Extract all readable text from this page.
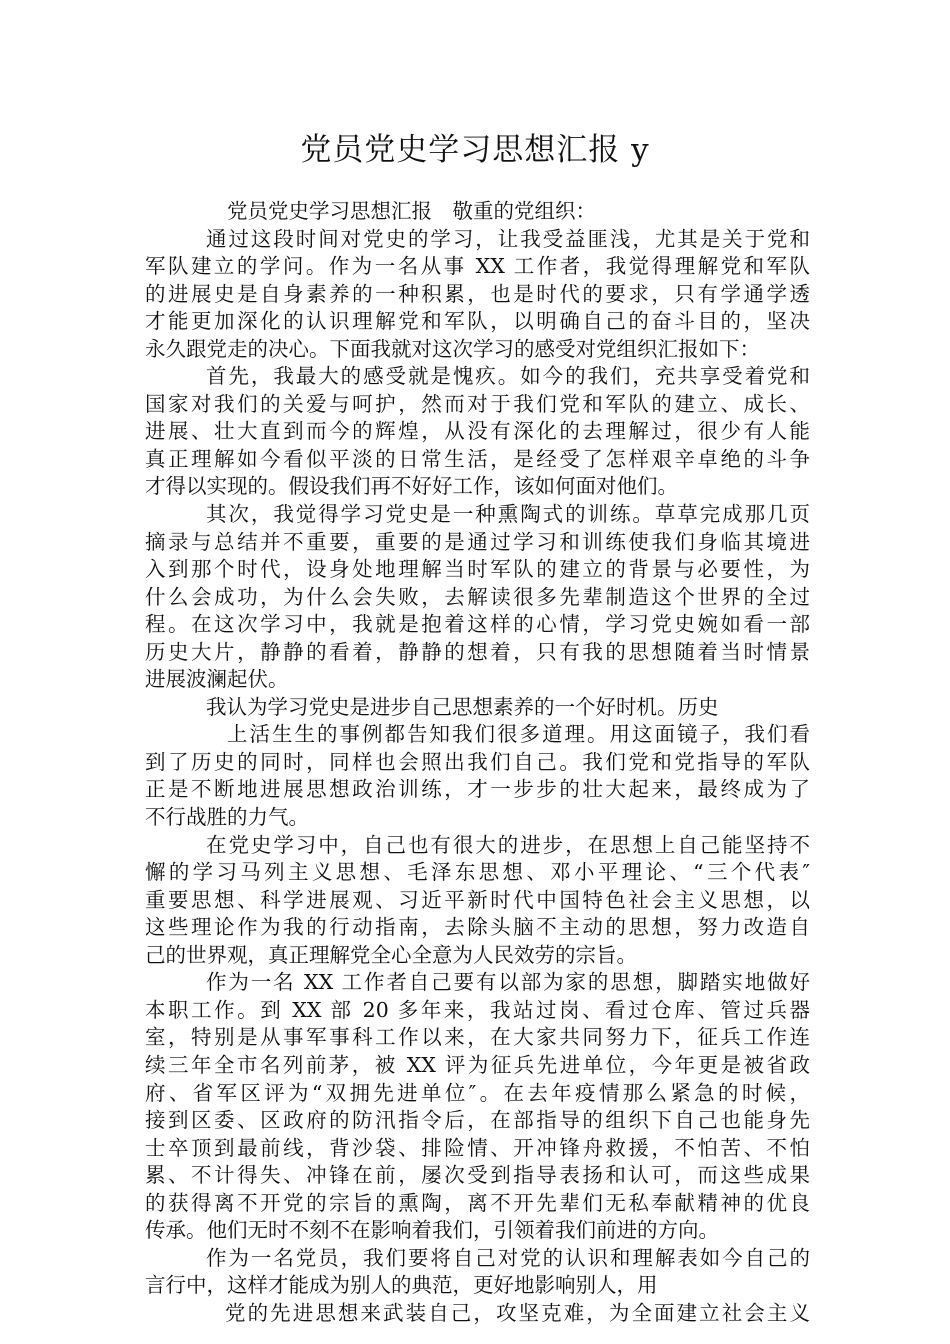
党员党史学习思想汇报 y
党员党史学习思想汇报　敬重的党组织：
通过这段时间对党史的学习，让我受益匪浅，尤其是关于党和
军队建立的学问。作为一名从事 XX 工作者，我觉得理解党和军队
的进展史是自身素养的一种积累，也是时代的要求，只有学通学透
才能更加深化的认识理解党和军队，以明确自己的奋斗目的，坚决
永久跟党走的决心。下面我就对这次学习的感受对党组织汇报如下：
首先，我最大的感受就是愧疚。如今的我们，充共享受着党和
国家对我们的关爱与呵护，然而对于我们党和军队的建立、成长、
进展、壮大直到而今的辉煌，从没有深化的去理解过，很少有人能
真正理解如今看似平淡的日常生活，是经受了怎样艰辛卓绝的斗争
才得以实现的。假设我们再不好好工作，该如何面对他们。
其次，我觉得学习党史是一种熏陶式的训练。草草完成那几页
摘录与总结并不重要，重要的是通过学习和训练使我们身临其境进
入到那个时代，设身处地理解当时军队的建立的背景与必要性，为
什么会成功，为什么会失败，去解读很多先辈制造这个世界的全过
程。在这次学习中，我就是抱着这样的心情，学习党史婉如看一部
历史大片，静静的看着，静静的想着，只有我的思想随着当时情景
进展波澜起伏。
我认为学习党史是进步自己思想素养的一个好时机。历史
上活生生的事例都告知我们很多道理。用这面镜子，我们看
到了历史的同时，同样也会照出我们自己。我们党和党指导的军队
正是不断地进展思想政治训练，才一步步的壮大起来，最终成为了
不行战胜的力气。
在党史学习中，自己也有很大的进步，在思想上自己能坚持不
懈的学习马列主义思想、毛泽东思想、邓小平理论、“三个代表″
重要思想、科学进展观、习近平新时代中国特色社会主义思想，以
这些理论作为我的行动指南，去除头脑不主动的思想，努力改造自
己的世界观，真正理解党全心全意为人民效劳的宗旨。
作为一名 XX 工作者自己要有以部为家的思想，脚踏实地做好
本职工作。到 XX 部 20 多年来，我站过岗、看过仓库、管过兵器
室，特别是从事军事科工作以来，在大家共同努力下，征兵工作连
续三年全市名列前茅，被 XX 评为征兵先进单位，今年更是被省政
府、省军区评为“双拥先进单位″。在去年疫情那么紧急的时候，
接到区委、区政府的防汛指令后，在部指导的组织下自己也能身先
士卒顶到最前线，背沙袋、排险情、开冲锋舟救援，不怕苦、不怕
累、不计得失、冲锋在前，屡次受到指导表扬和认可，而这些成果
的获得离不开党的宗旨的熏陶，离不开先辈们无私奉献精神的优良
传承。他们无时不刻不在影响着我们，引领着我们前进的方向。
作为一名党员，我们要将自己对党的认识和理解表如今自己的
言行中，这样才能成为别人的典范，更好地影响别人，用
党的先进思想来武装自己，攻坚克难，为全面建立社会主义
